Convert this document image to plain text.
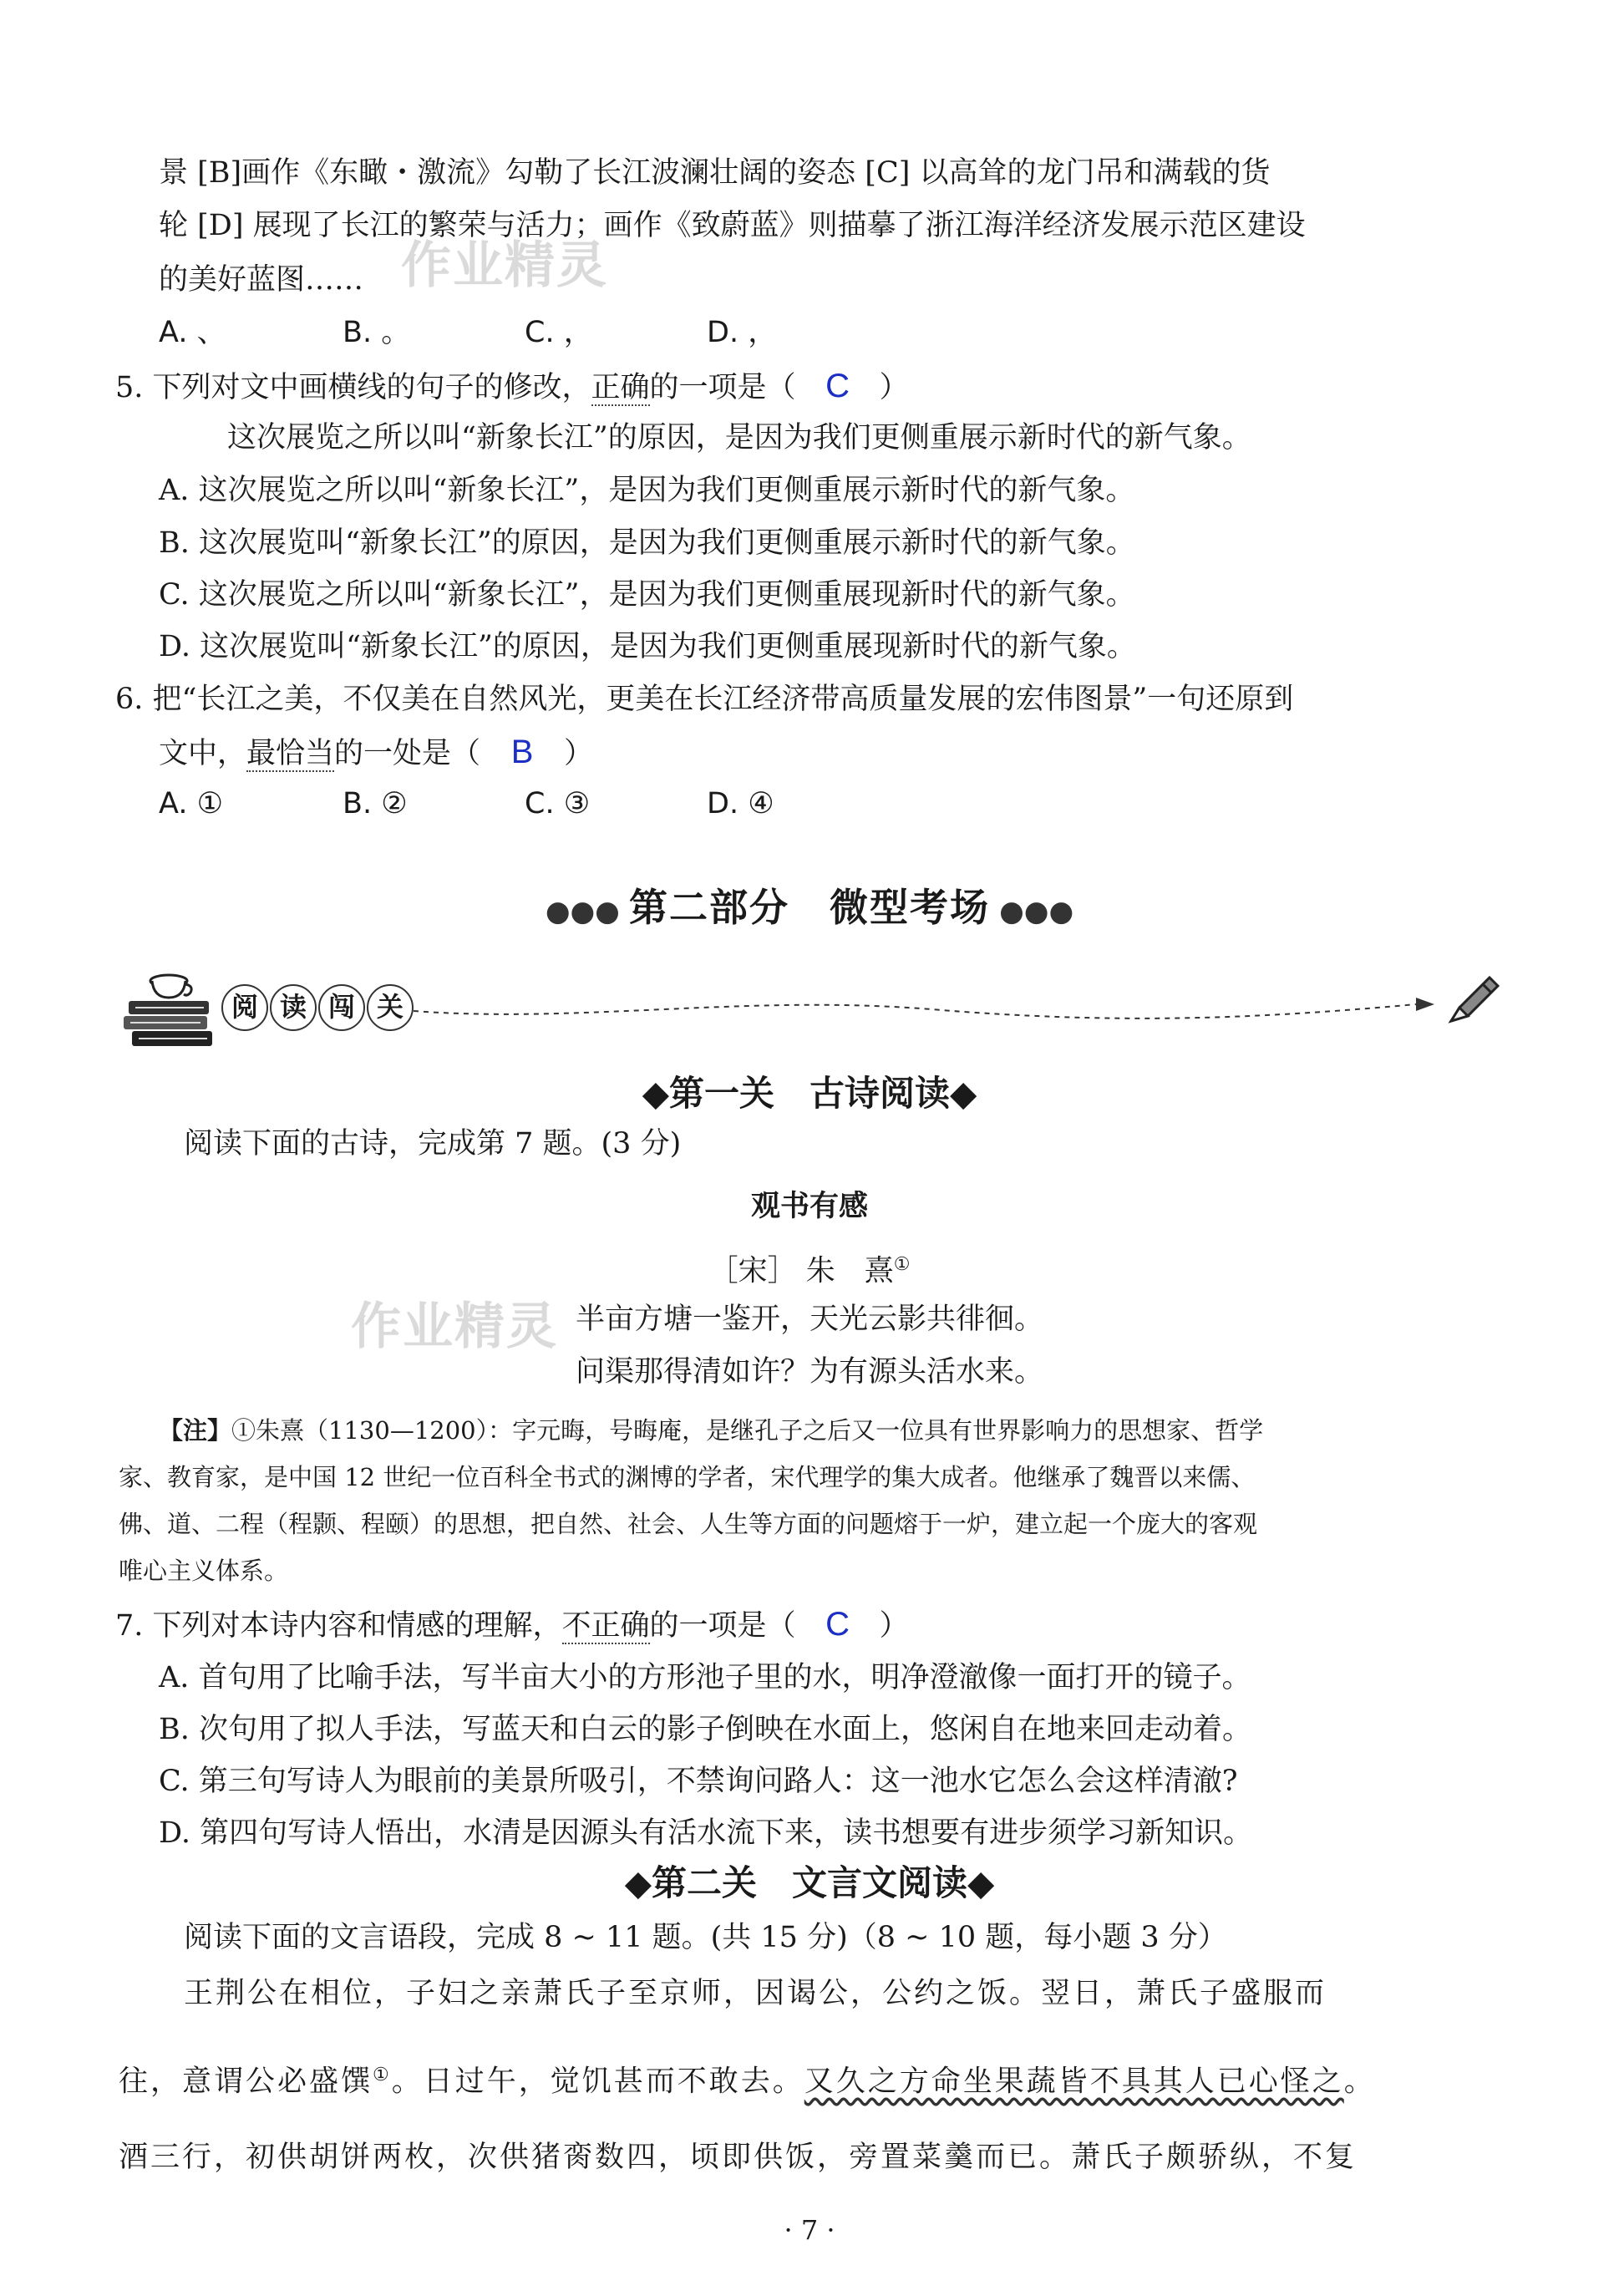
作业精灵
作业精灵
景 [B]画作《东瞰・激流》勾勒了长江波澜壮阔的姿态 [C] 以高耸的龙门吊和满载的货
轮 [D] 展现了长江的繁荣与活力；画作《致蔚蓝》则描摹了浙江海洋经济发展示范区建设
的美好蓝图……
A. 、	B. 。	C. ，	D. ，
5. 下列对文中画横线的句子的修改，正确的一项是（ C ）
这次展览之所以叫“新象长江”的原因，是因为我们更侧重展示新时代的新气象。
A. 这次展览之所以叫“新象长江”，是因为我们更侧重展示新时代的新气象。
B. 这次展览叫“新象长江”的原因，是因为我们更侧重展示新时代的新气象。
C. 这次展览之所以叫“新象长江”，是因为我们更侧重展现新时代的新气象。
D. 这次展览叫“新象长江”的原因，是因为我们更侧重展现新时代的新气象。
6. 把“长江之美，不仅美在自然风光，更美在长江经济带高质量发展的宏伟图景”一句还原到
文中，最恰当的一处是（ B ）
A. ①	B. ②	C. ③	D. ④
●●● 第二部分　微型考场 ●●●
阅 读 闯 关
◆第一关　古诗阅读◆
阅读下面的古诗，完成第 7 题。(3 分)
观书有感
［宋］ 朱　熹①
半亩方塘一鉴开，天光云影共徘徊。
问渠那得清如许？为有源头活水来。
【注】①朱熹（1130—1200）：字元晦，号晦庵，是继孔子之后又一位具有世界影响力的思想家、哲学
家、教育家，是中国 12 世纪一位百科全书式的渊博的学者，宋代理学的集大成者。他继承了魏晋以来儒、
佛、道、二程（程颢、程颐）的思想，把自然、社会、人生等方面的问题熔于一炉，建立起一个庞大的客观
唯心主义体系。
7. 下列对本诗内容和情感的理解，不正确的一项是（ C ）
A. 首句用了比喻手法，写半亩大小的方形池子里的水，明净澄澈像一面打开的镜子。
B. 次句用了拟人手法，写蓝天和白云的影子倒映在水面上，悠闲自在地来回走动着。
C. 第三句写诗人为眼前的美景所吸引，不禁询问路人：这一池水它怎么会这样清澈?
D. 第四句写诗人悟出，水清是因源头有活水流下来，读书想要有进步须学习新知识。
◆第二关　文言文阅读◆
阅读下面的文言语段，完成 8 ~ 11 题。(共 15 分)（8 ~ 10 题，每小题 3 分）
王荆公在相位，子妇之亲萧氏子至京师，因谒公，公约之饭。翌日，萧氏子盛服而
往，意谓公必盛馔①。日过午，觉饥甚而不敢去。又久之方命坐果蔬皆不具其人已心怪之。
酒三行，初供胡饼两枚，次供猪脔数四，顷即供饭，旁置菜羹而已。萧氏子颇骄纵，不复
· 7 ·
